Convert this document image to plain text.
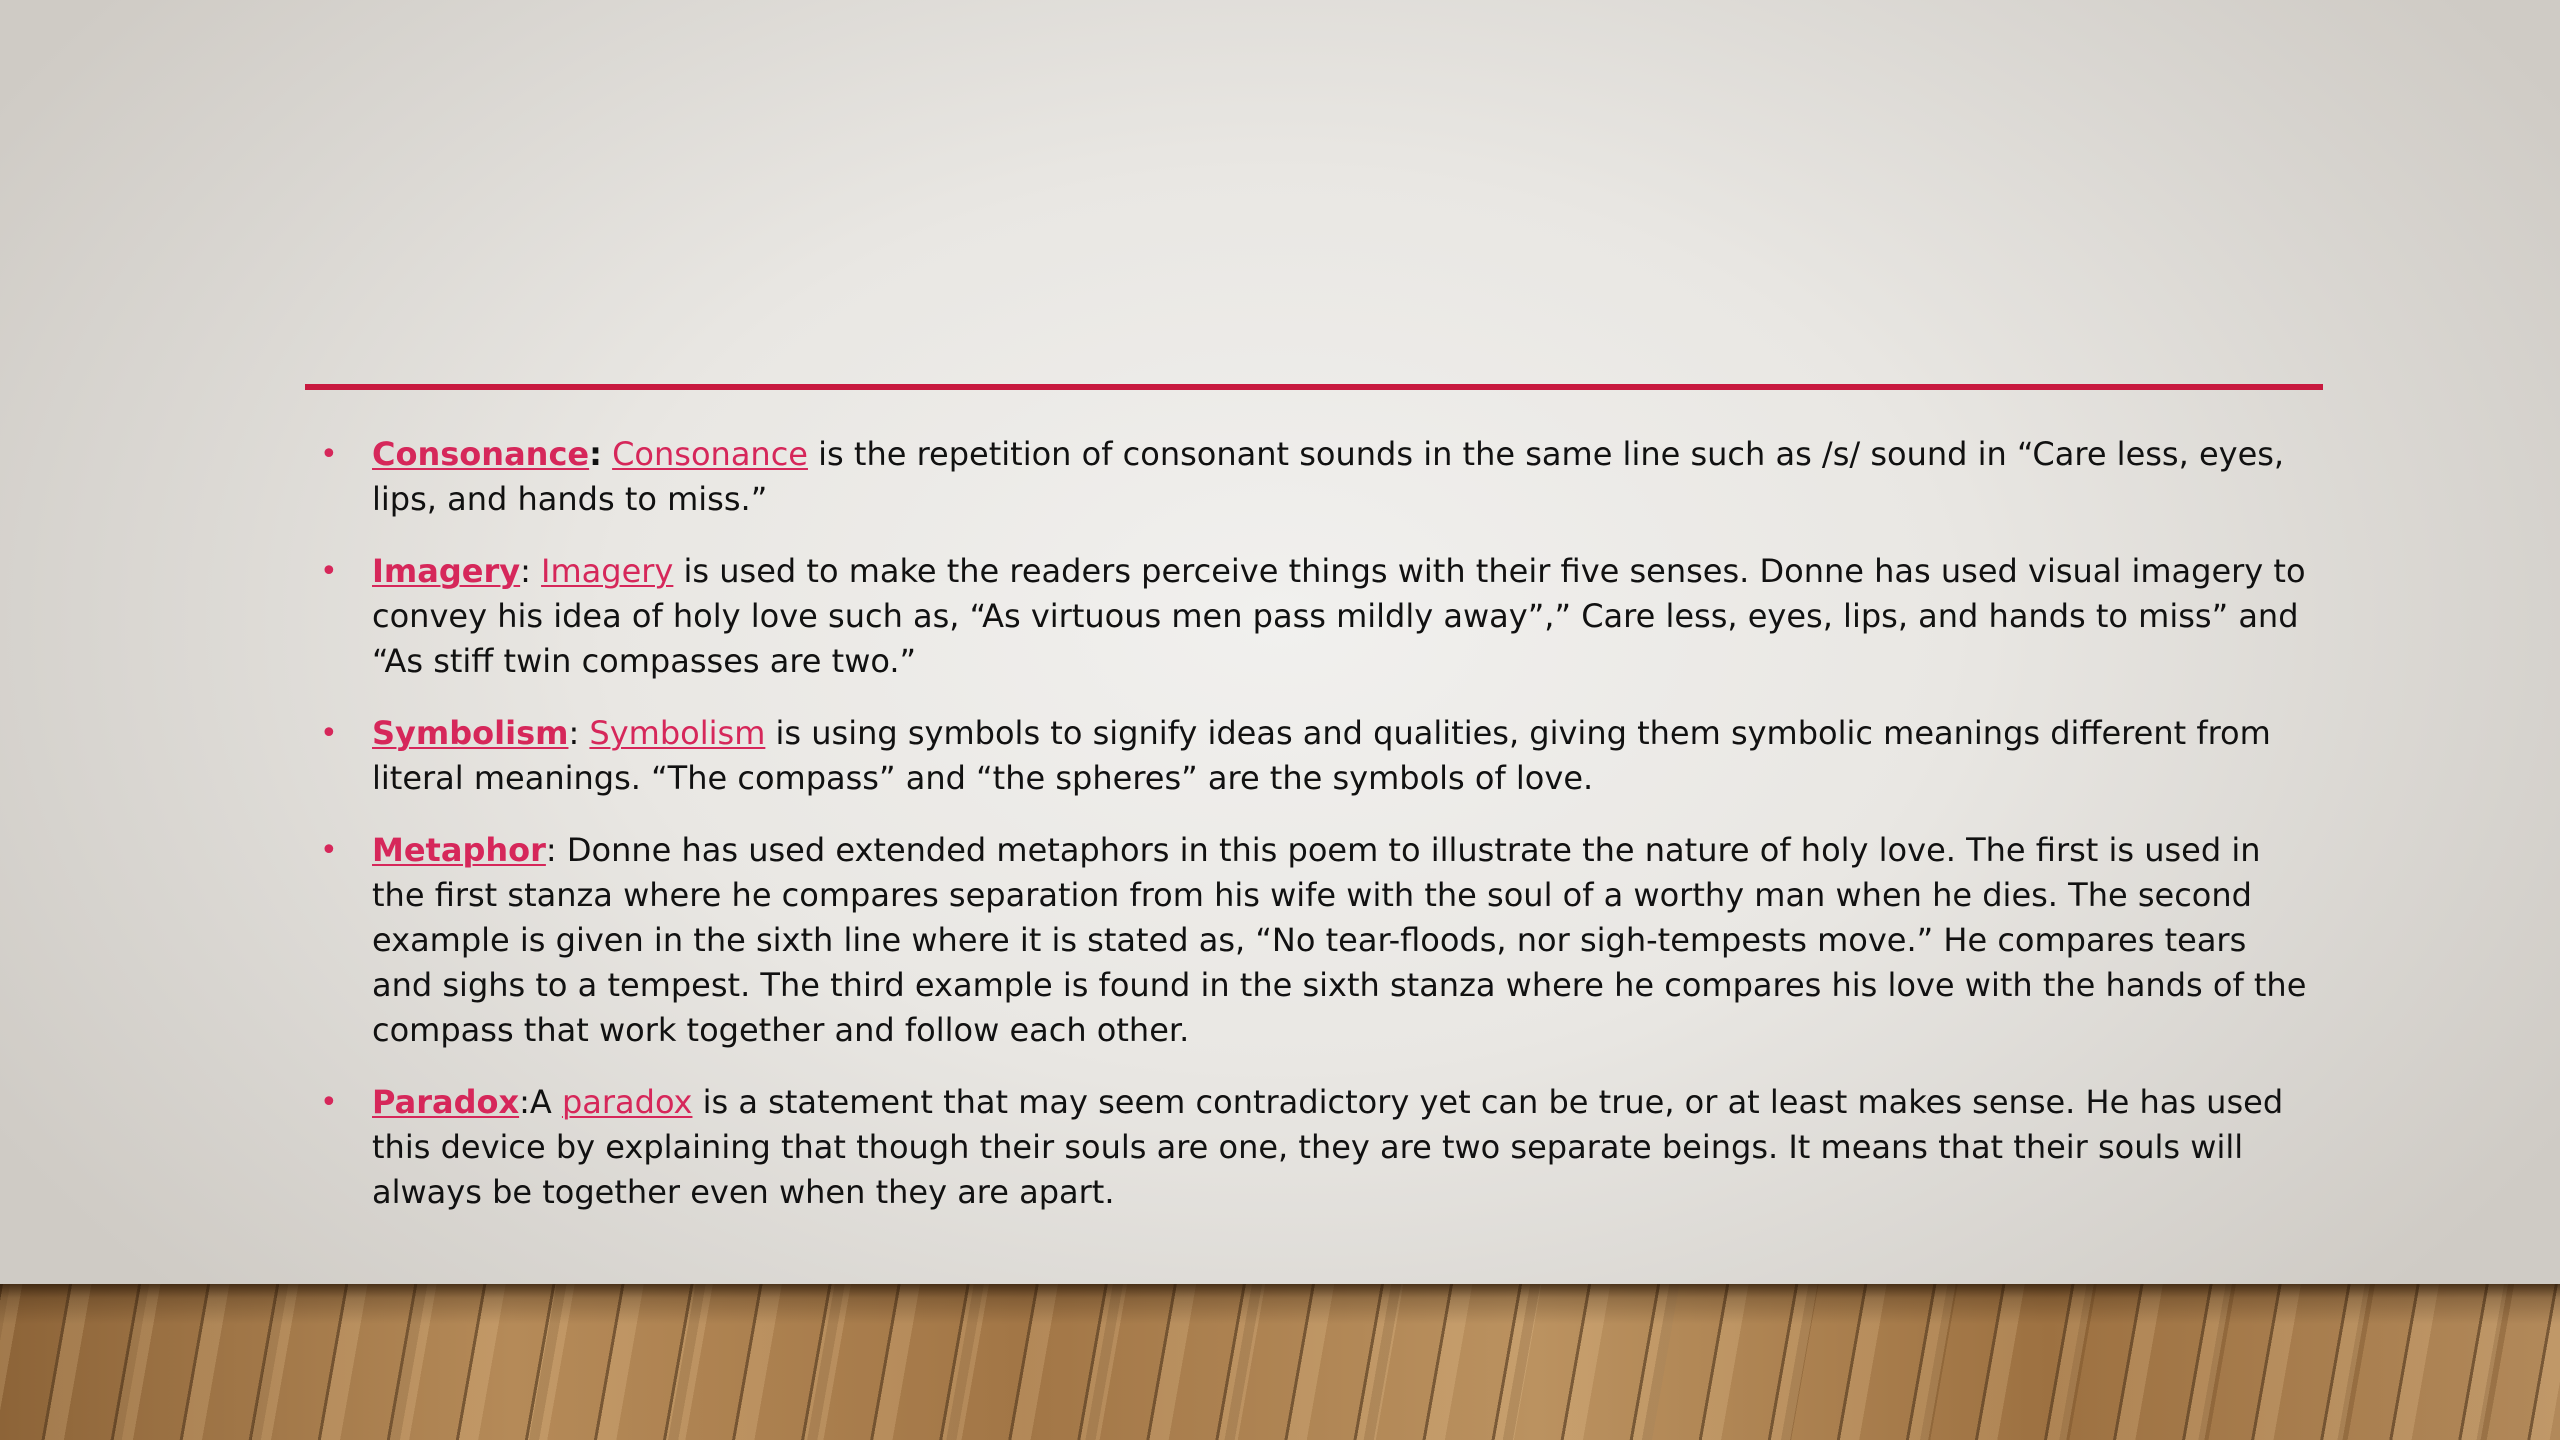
• Consonance: Consonance is the repetition of consonant sounds in the same line such as /s/ sound in “Care less, eyes, lips, and hands to miss.”
• Imagery: Imagery is used to make the readers perceive things with their five senses. Donne has used visual imagery to convey his idea of holy love such as, “As virtuous men pass mildly away”,” Care less, eyes, lips, and hands to miss” and “As stiff twin compasses are two.”
• Symbolism: Symbolism is using symbols to signify ideas and qualities, giving them symbolic meanings different from literal meanings. “The compass” and “the spheres” are the symbols of love.
• Metaphor: Donne has used extended metaphors in this poem to illustrate the nature of holy love. The first is used in the first stanza where he compares separation from his wife with the soul of a worthy man when he dies. The second example is given in the sixth line where it is stated as, “No tear-floods, nor sigh-tempests move.” He compares tears and sighs to a tempest. The third example is found in the sixth stanza where he compares his love with the hands of the compass that work together and follow each other.
• Paradox:A paradox is a statement that may seem contradictory yet can be true, or at least makes sense. He has used this device by explaining that though their souls are one, they are two separate beings. It means that their souls will always be together even when they are apart.
